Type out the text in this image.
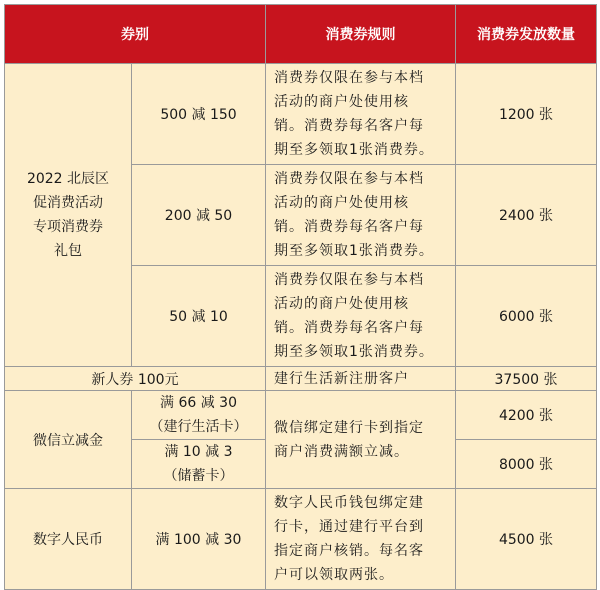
券别		消费券规则	消费券发放数量

2022 北辰区
促消费活动
专项消费券
礼包	500 减 150	消费券仅限在参与本档
活动的商户处使用核
销。消费券每名客户每
期至多领取1张消费券。	1200 张
	200 减 50	消费券仅限在参与本档
活动的商户处使用核
销。消费券每名客户每
期至多领取1张消费券。	2400 张
	50 减 10	消费券仅限在参与本档
活动的商户处使用核
销。消费券每名客户每
期至多领取1张消费券。	6000 张
新人券 100元		建行生活新注册客户	37500 张
微信立减金	满 66 减 30
（建行生活卡）	微信绑定建行卡到指定
商户消费满额立减。	4200 张

	满 10 减 3
（储蓄卡）		8000 张
数字人民币	满 100 减 30	数字人民币钱包绑定建
行卡，通过建行平台到
指定商户核销。每名客
户可以领取两张。	4500 张
